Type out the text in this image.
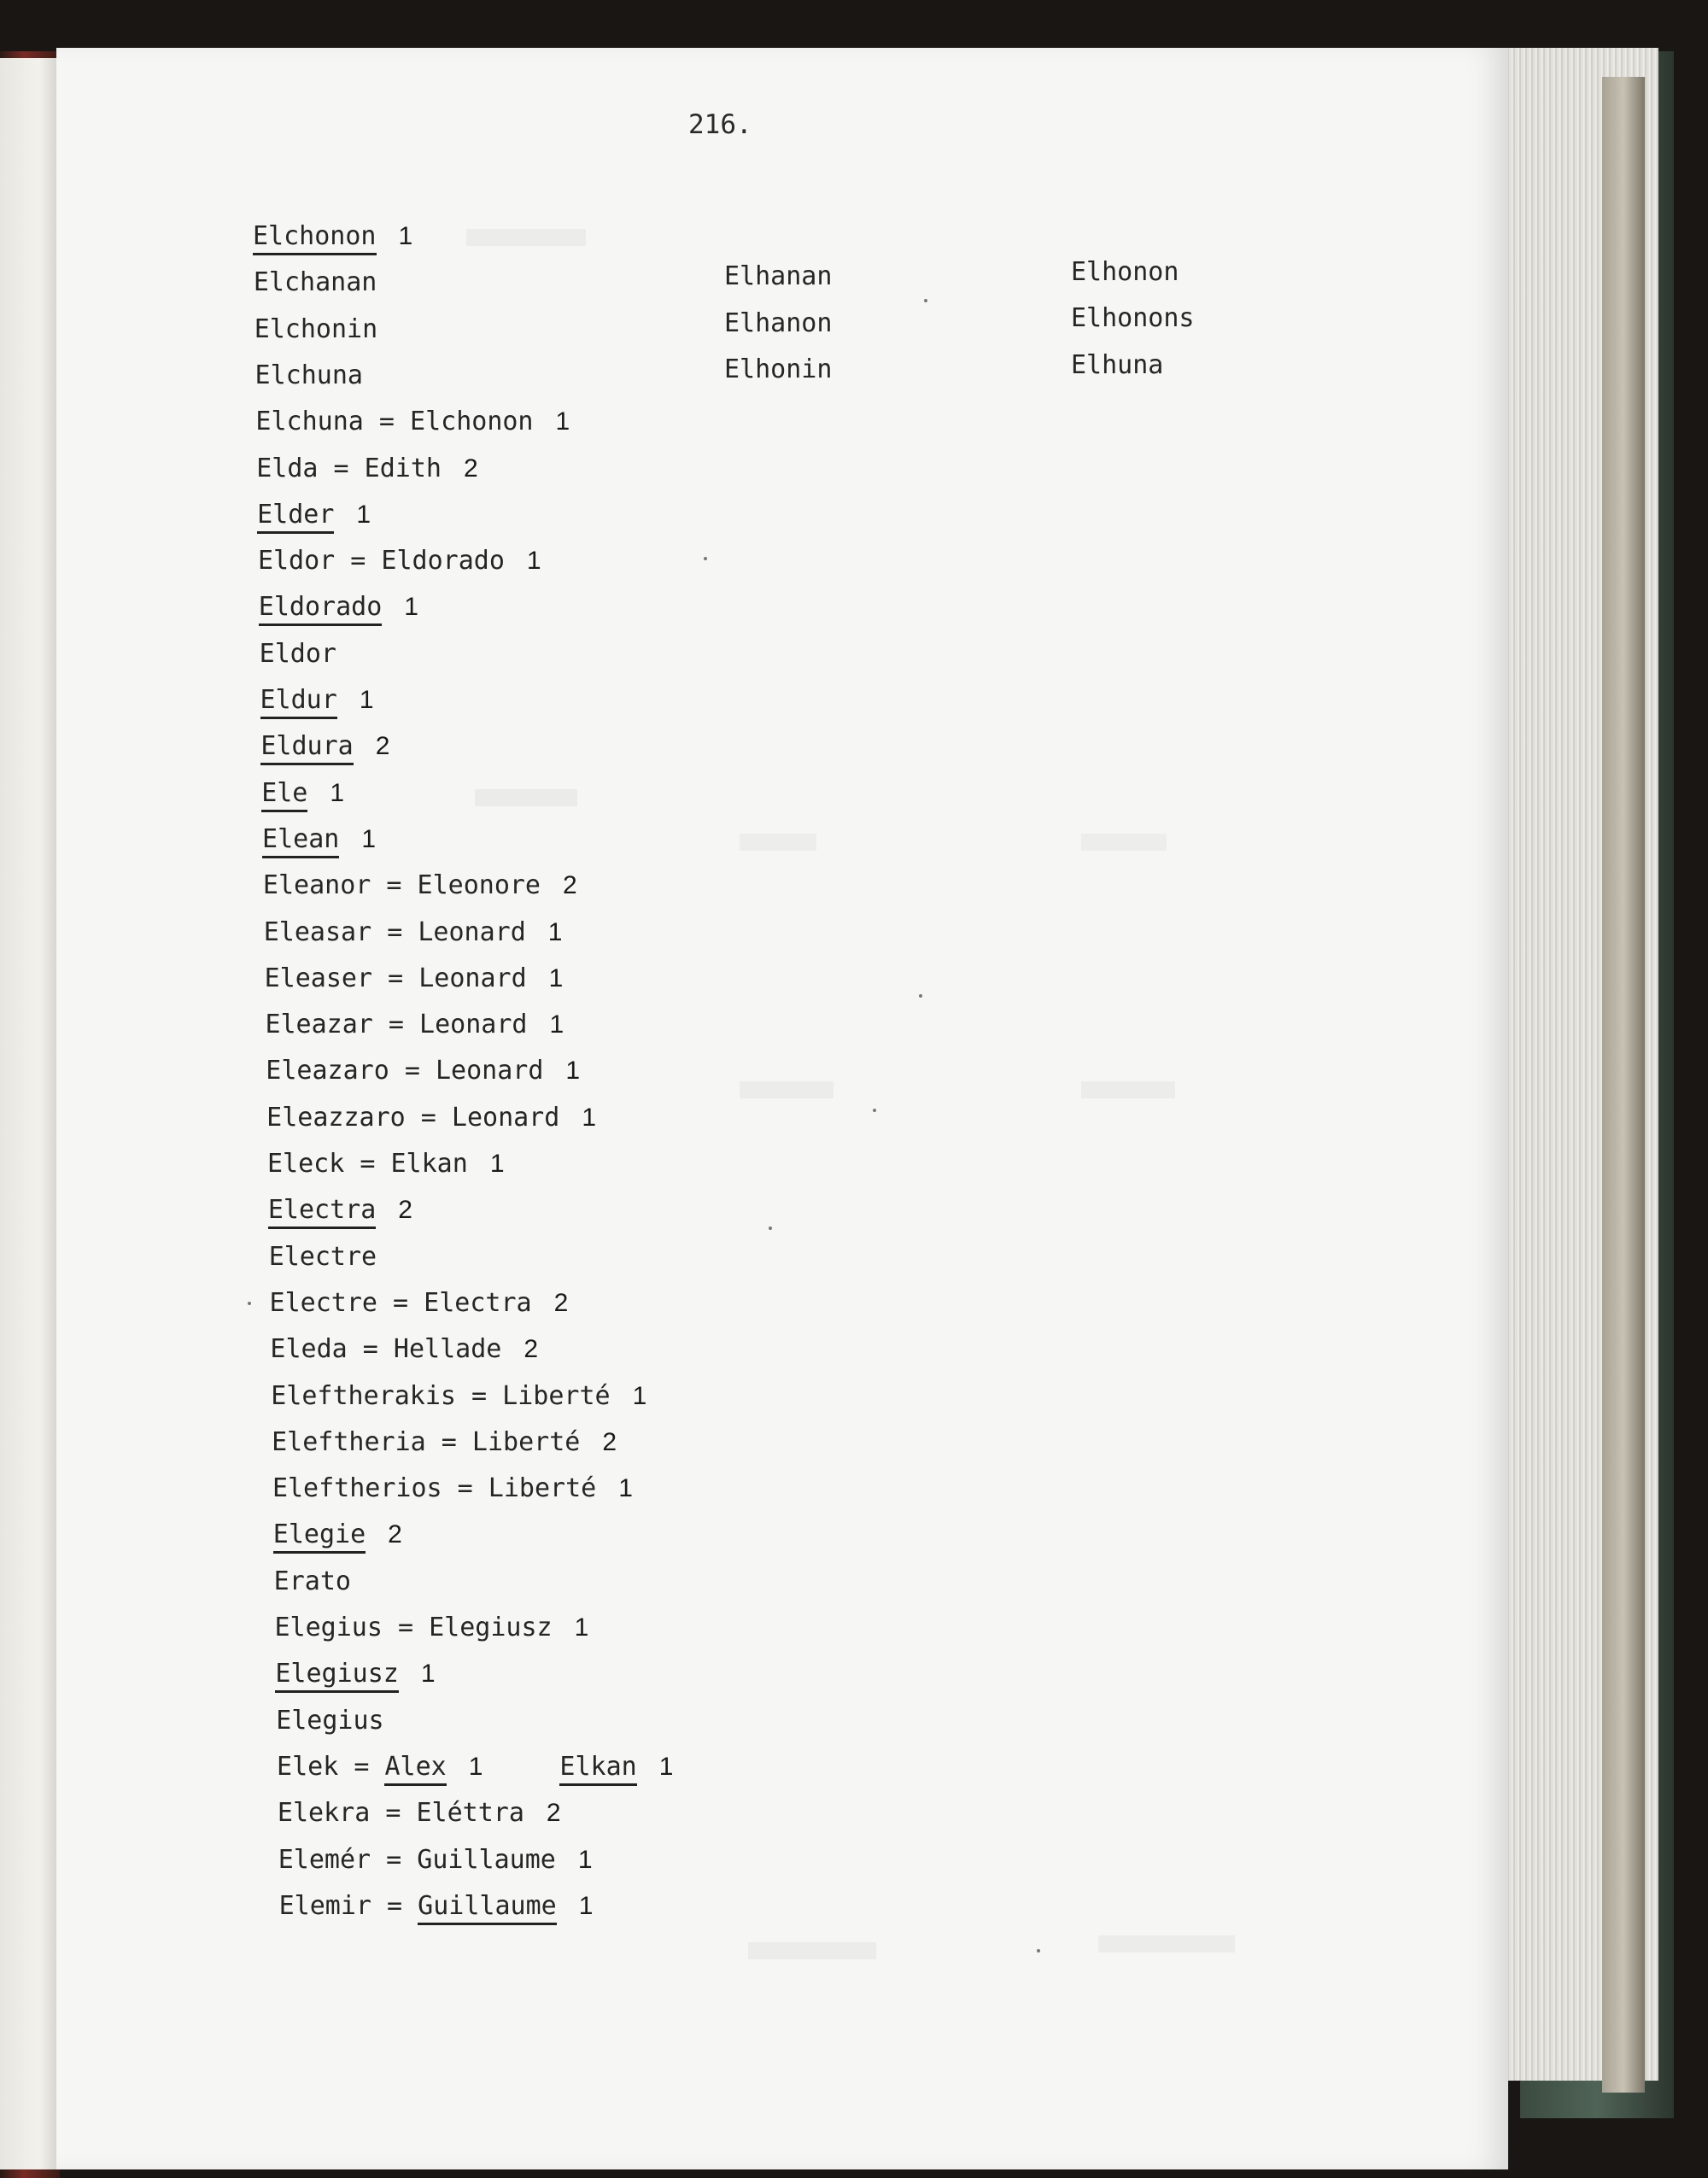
216.
Elchonon 1
Elchanan
Elchonin
Elchuna
Elchuna = Elchonon 1
Elda = Edith 2
Elder 1
Eldor = Eldorado 1
Eldorado 1
Eldor
Eldur 1
Eldura 2
Ele 1
Elean 1
Eleanor = Eleonore 2
Eleasar = Leonard 1
Eleaser = Leonard 1
Eleazar = Leonard 1
Eleazaro = Leonard 1
Eleazzaro = Leonard 1
Eleck = Elkan 1
Electra 2
Electre
Electre = Electra 2
Eleda = Hellade 2
Eleftherakis = Liberté 1
Eleftheria = Liberté 2
Eleftherios = Liberté 1
Elegie 2
Erato
Elegius = Elegiusz 1
Elegiusz 1
Elegius
Elek = Alex 1	Elkan 1
Elekra = Eléttra 2
Elemér = Guillaume 1
Elemir = Guillaume 1
Elhanan
Elhanon
Elhonin
Elhonon
Elhonons
Elhuna
